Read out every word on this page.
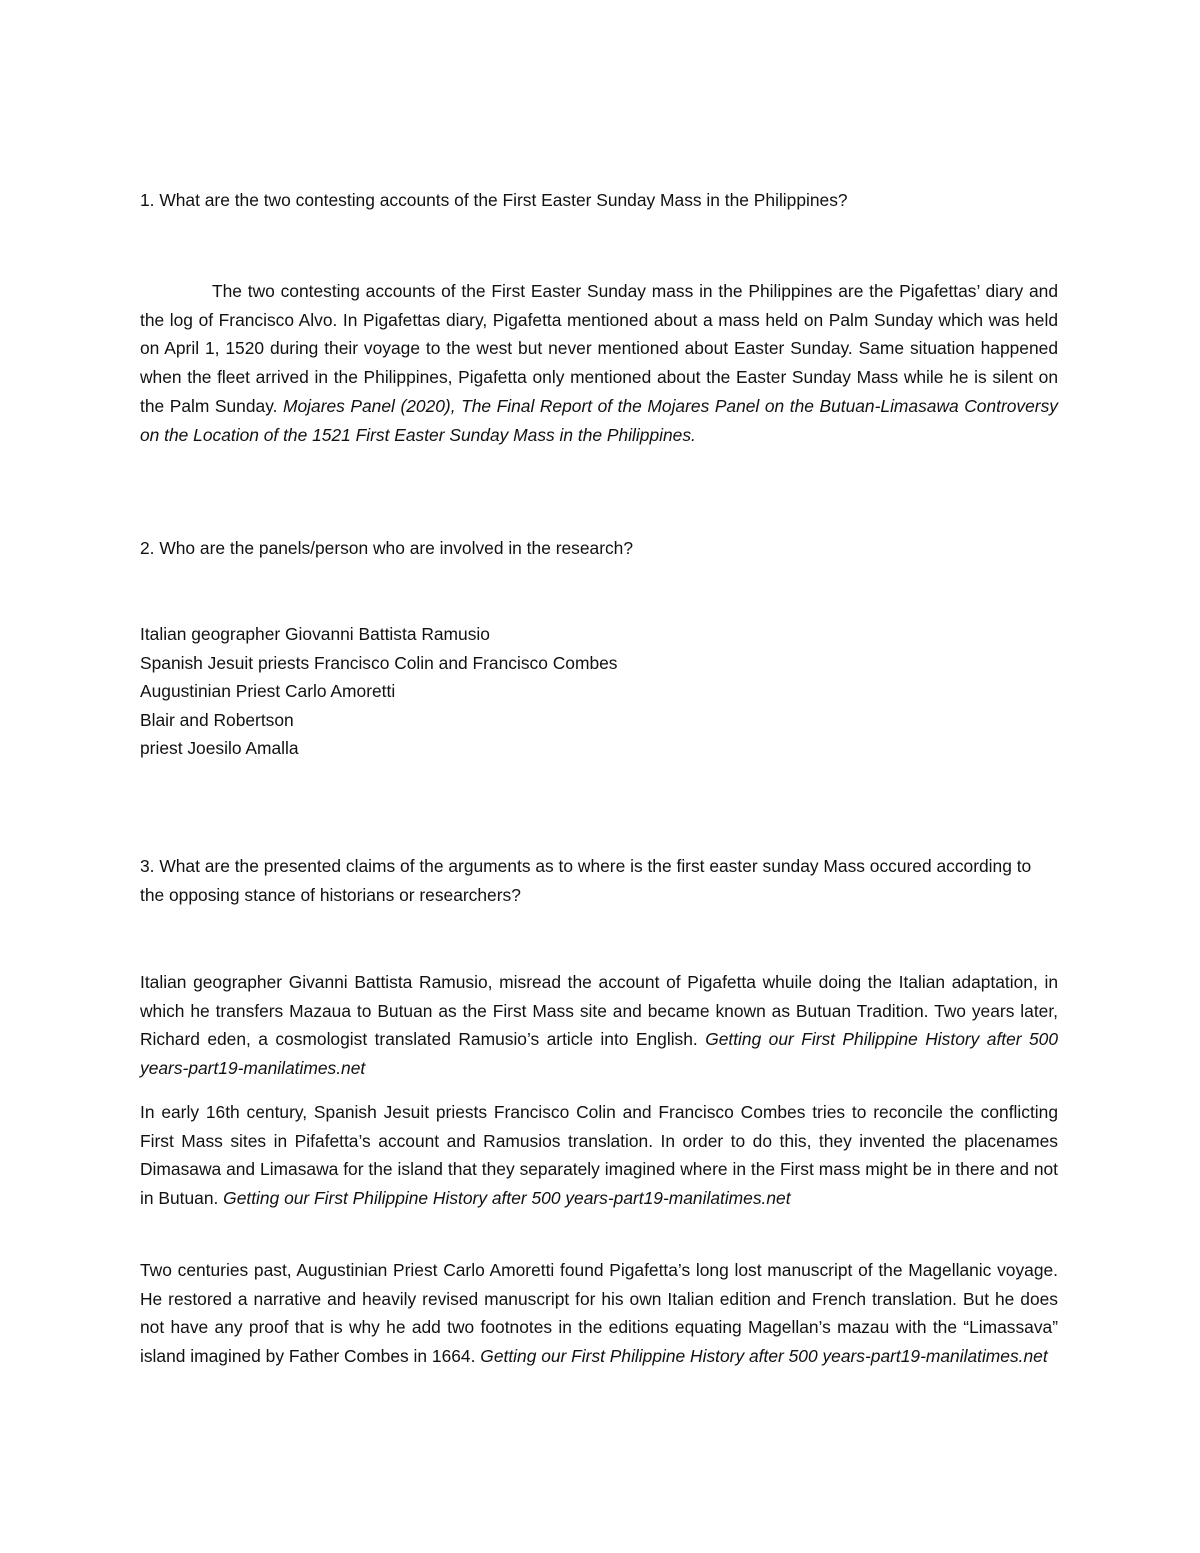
1. What are the two contesting accounts of the First Easter Sunday Mass in the Philippines?

The two contesting accounts of the First Easter Sunday mass in the Philippines are the Pigafettas’ diary and the log of Francisco Alvo. In Pigafettas diary, Pigafetta mentioned about a mass held on Palm Sunday which was held on April 1, 1520 during their voyage to the west but never mentioned about Easter Sunday. Same situation happened when the fleet arrived in the Philippines, Pigafetta only mentioned about the Easter Sunday Mass while he is silent on the Palm Sunday. Mojares Panel (2020), The Final Report of the Mojares Panel on the Butuan-Limasawa Controversy on the Location of the 1521 First Easter Sunday Mass in the Philippines.

2. Who are the panels/person who are involved in the research?

Italian geographer Giovanni Battista Ramusio
Spanish Jesuit priests Francisco Colin and Francisco Combes
Augustinian Priest Carlo Amoretti
Blair and Robertson
priest Joesilo Amalla

3. What are the presented claims of the arguments as to where is the first easter sunday Mass occured according to the opposing stance of historians or researchers?

Italian geographer Givanni Battista Ramusio, misread the account of Pigafetta whuile doing the Italian adaptation, in which he transfers Mazaua to Butuan as the First Mass site and became known as Butuan Tradition. Two years later, Richard eden, a cosmologist translated Ramusio’s article into English. Getting our First Philippine History after 500 years-part19-manilatimes.net

In early 16th century, Spanish Jesuit priests Francisco Colin and Francisco Combes tries to reconcile the conflicting First Mass sites in Pifafetta’s account and Ramusios translation. In order to do this, they invented the placenames Dimasawa and Limasawa for the island that they separately imagined where in the First mass might be in there and not in Butuan. Getting our First Philippine History after 500 years-part19-manilatimes.net

Two centuries past, Augustinian Priest Carlo Amoretti found Pigafetta’s long lost manuscript of the Magellanic voyage. He restored a narrative and heavily revised manuscript for his own Italian edition and French translation. But he does not have any proof that is why he add two footnotes in the editions equating Magellan’s mazau with the “Limassava” island imagined by Father Combes in 1664. Getting our First Philippine History after 500 years-part19-manilatimes.net
